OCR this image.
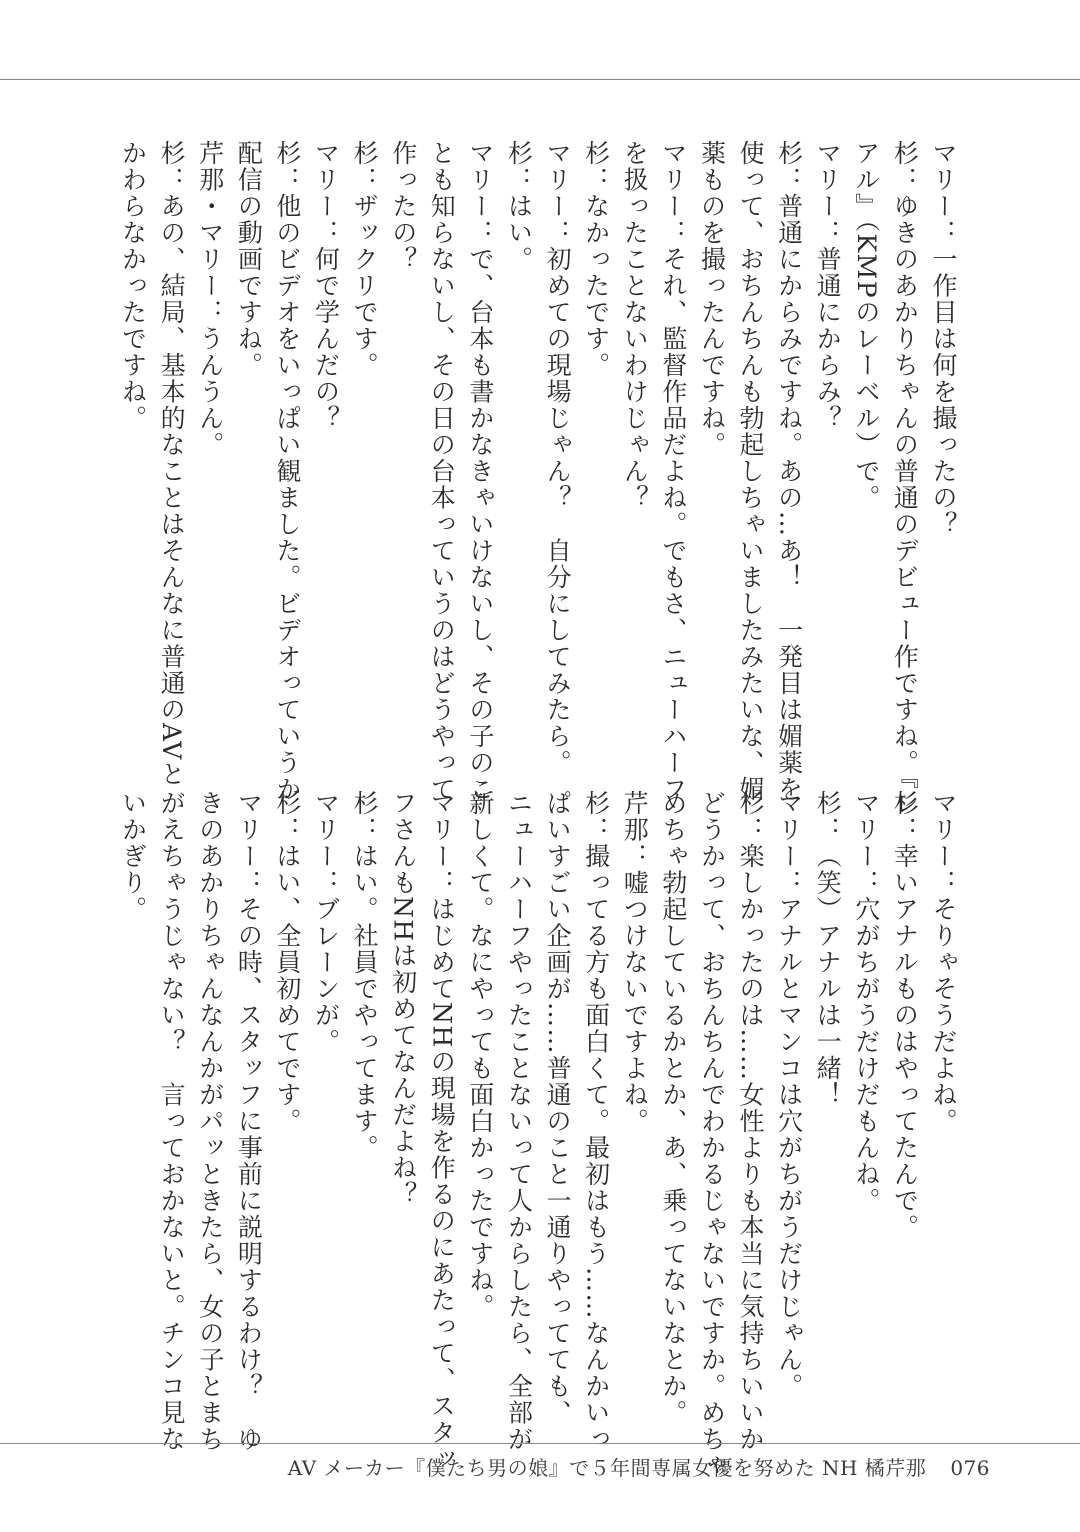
マリー：一作目は何を撮ったの？
杉：ゆきのあかりちゃんの普通のデビュー作ですね。『レ
アル』（KMPのレーベル）で。
マリー：普通にからみ？
杉：普通にからみですね。あの…あ！　一発目は媚薬を
使って、おちんちんも勃起しちゃいましたみたいな、媚
薬ものを撮ったんですね。
マリー：それ、監督作品だよね。でもさ、ニューハーフ
を扱ったことないわけじゃん？
杉：なかったです。
マリー：初めての現場じゃん？　自分にしてみたら。
杉：はい。
マリー：で、台本も書かなきゃいけないし、その子のこ
とも知らないし、その日の台本っていうのはどうやって
作ったの？
杉：ザックリです。
マリー：何で学んだの？
杉：他のビデオをいっぱい観ました。ビデオっていうか
配信の動画ですね。
芹那・マリー：うんうん。
杉：あの、結局、基本的なことはそんなに普通のAVと
かわらなかったですね。
マリー：そりゃそうだよね。
杉：幸いアナルものはやってたんで。
マリー：穴がちがうだけだもんね。
杉：（笑）アナルは一緒！
マリー：アナルとマンコは穴がちがうだけじゃん。
杉：楽しかったのは……女性よりも本当に気持ちいいか
どうかって、おちんちんでわかるじゃないですか。めちゃ
めちゃ勃起しているかとか、あ、乗ってないなとか。
芹那：嘘つけないですよね。
杉：撮ってる方も面白くて。最初はもう……なんかいっ
ぱいすごい企画が……普通のこと一通りやってても、
ニューハーフやったことないって人からしたら、全部が
新しくて。なにやっても面白かったですね。
マリー：はじめてNHの現場を作るのにあたって、スタッ
フさんもNHは初めてなんだよね？
杉：はい。社員でやってます。
マリー：ブレーンが。
杉：はい、全員初めてです。
マリー：その時、スタッフに事前に説明するわけ？　ゆ
きのあかりちゃんなんかがパッときたら、女の子とまち
がえちゃうじゃない？　言っておかないと。チンコ見な
いかぎり。
AV メーカー『僕たち男の娘』で５年間専属女優を努めた NH 橘芹那 076
